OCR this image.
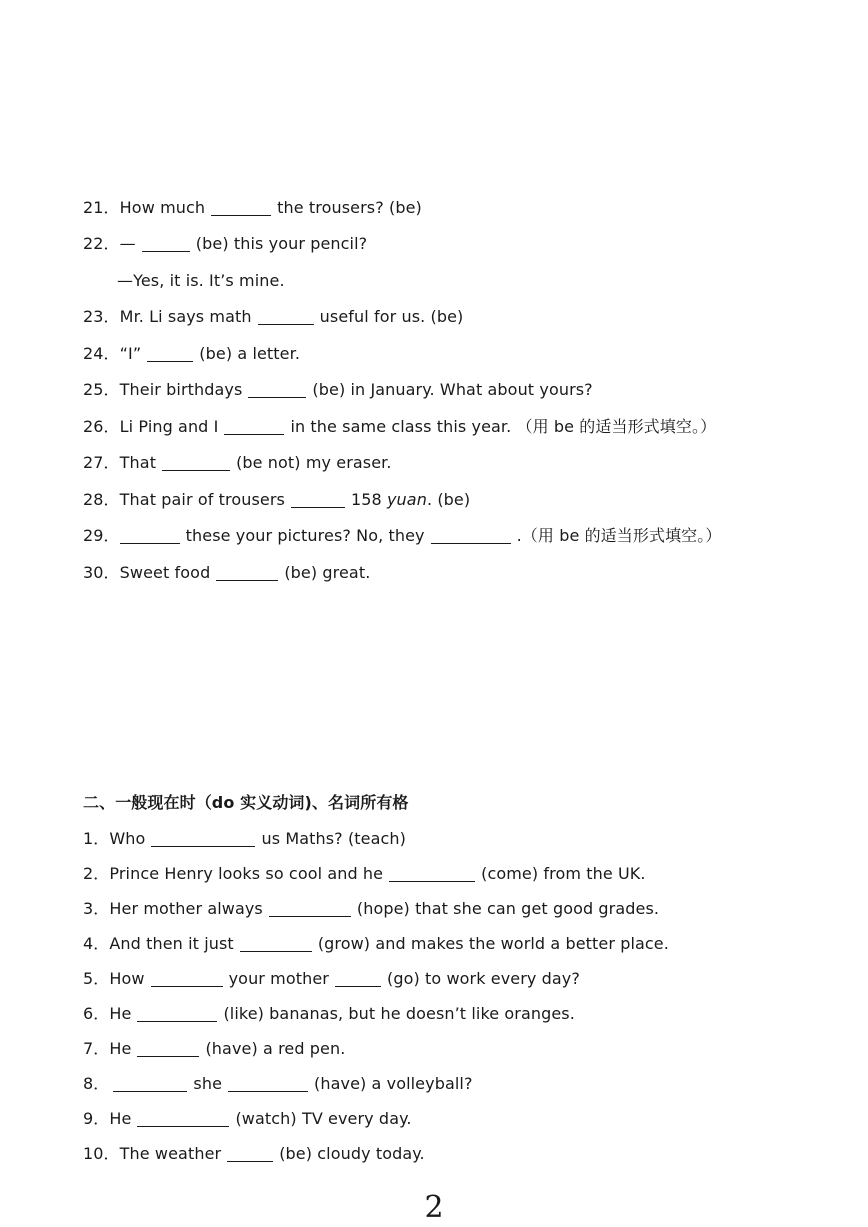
21．How much	the trousers? (be)
22．—	(be) this your pencil?
—Yes, it is. It’s mine.
23．Mr. Li says math	useful for us. (be)
24．“I”	(be) a letter.
25．Their birthdays	(be) in January. What about yours?
26．Li Ping and I	in the same class this year. （用 be 的适当形式填空。）
27．That	(be not) my eraser.
28．That pair of trousers	158 yuan. (be)
29．	these your pictures? No, they	.（用 be 的适当形式填空。）
30．Sweet food	(be) great.
二、一般现在时（do 实义动词)、名词所有格
1．Who	us Maths? (teach)
2．Prince Henry looks so cool and he	(come) from the UK.
3．Her mother always	(hope) that she can get good grades.
4．And then it just	(grow) and makes the world a better place.
5．How	your mother	(go) to work every day?
6．He	(like) bananas, but he doesn’t like oranges.
7．He	(have) a red pen.
8．	she	(have) a volleyball?
9．He	(watch) TV every day.
10．The weather	(be) cloudy today.
2
